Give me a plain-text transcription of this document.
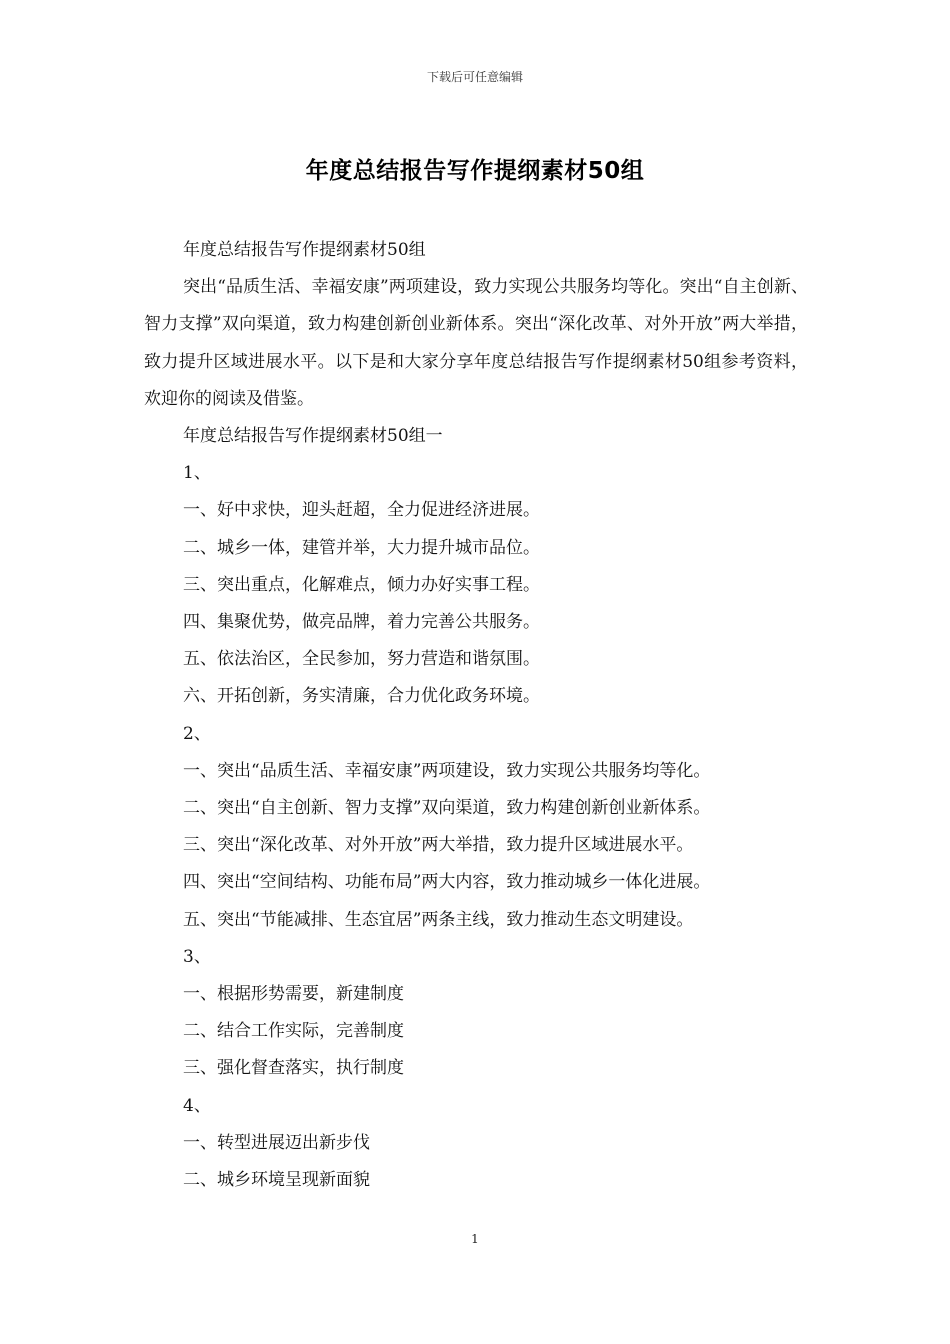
下载后可任意编辑
年度总结报告写作提纲素材50组

年度总结报告写作提纲素材50组

突出“品质生活、幸福安康”两项建设，致力实现公共服务均等化。突出“自主创新、智力支撑”双向渠道，致力构建创新创业新体系。突出“深化改革、对外开放”两大举措，致力提升区域进展水平。以下是和大家分享年度总结报告写作提纲素材50组参考资料，欢迎你的阅读及借鉴。

年度总结报告写作提纲素材50组一

1、

一、好中求快，迎头赶超，全力促进经济进展。

二、城乡一体，建管并举，大力提升城市品位。

三、突出重点，化解难点，倾力办好实事工程。

四、集聚优势，做亮品牌，着力完善公共服务。

五、依法治区，全民参加，努力营造和谐氛围。

六、开拓创新，务实清廉，合力优化政务环境。

2、

一、突出“品质生活、幸福安康”两项建设，致力实现公共服务均等化。

二、突出“自主创新、智力支撑”双向渠道，致力构建创新创业新体系。

三、突出“深化改革、对外开放”两大举措，致力提升区域进展水平。

四、突出“空间结构、功能布局”两大内容，致力推动城乡一体化进展。

五、突出“节能减排、生态宜居”两条主线，致力推动生态文明建设。

3、

一、根据形势需要，新建制度

二、结合工作实际，完善制度

三、强化督查落实，执行制度

4、

一、转型进展迈出新步伐

二、城乡环境呈现新面貌

1
